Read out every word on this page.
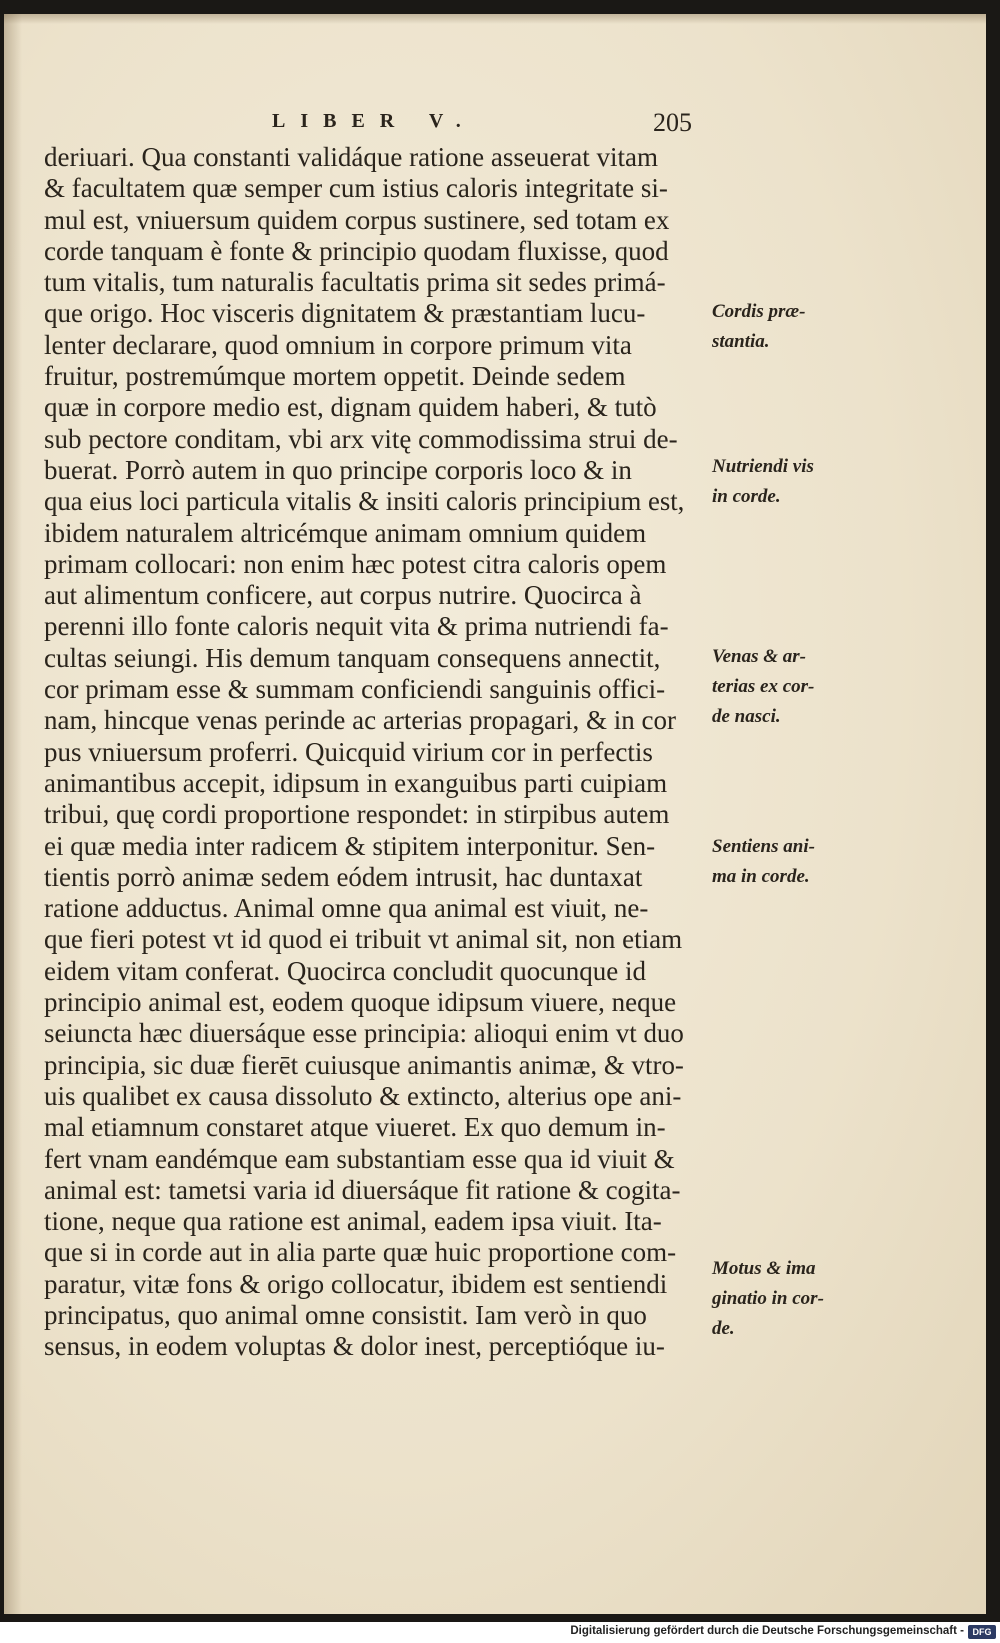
LIBER V.	205
deriuari. Qua constanti validáque ratione asseuerat vitam
& facultatem quæ semper cum istius caloris integritate si-
mul est, vniuersum quidem corpus sustinere, sed totam ex
corde tanquam è fonte & principio quodam fluxisse, quod
tum vitalis, tum naturalis facultatis prima sit sedes primá-
que origo. Hoc visceris dignitatem & præstantiam lucu-
lenter declarare, quod omnium in corpore primum vita
fruitur, postremúmque mortem oppetit. Deinde sedem
quæ in corpore medio est, dignam quidem haberi, & tutò
sub pectore conditam, vbi arx vitę commodissima strui de-
buerat. Porrò autem in quo principe corporis loco & in
qua eius loci particula vitalis & insiti caloris principium est,
ibidem naturalem altricémque animam omnium quidem
primam collocari: non enim hæc potest citra caloris opem
aut alimentum conficere, aut corpus nutrire. Quocirca à
perenni illo fonte caloris nequit vita & prima nutriendi fa-
cultas seiungi. His demum tanquam consequens annectit,
cor primam esse & summam conficiendi sanguinis offici-
nam, hincque venas perinde ac arterias propagari, & in cor
pus vniuersum proferri. Quicquid virium cor in perfectis
animantibus accepit, idipsum in exanguibus parti cuipiam
tribui, quę cordi proportione respondet: in stirpibus autem
ei quæ media inter radicem & stipitem interponitur. Sen-
tientis porrò animæ sedem eódem intrusit, hac duntaxat
ratione adductus. Animal omne qua animal est viuit, ne-
que fieri potest vt id quod ei tribuit vt animal sit, non etiam
eidem vitam conferat. Quocirca concludit quocunque id
principio animal est, eodem quoque idipsum viuere, neque
seiuncta hæc diuersáque esse principia: alioqui enim vt duo
principia, sic duæ fierēt cuiusque animantis animæ, & vtro-
uis qualibet ex causa dissoluto & extincto, alterius ope ani-
mal etiamnum constaret atque viueret. Ex quo demum in-
fert vnam eandémque eam substantiam esse qua id viuit &
animal est: tametsi varia id diuersáque fit ratione & cogita-
tione, neque qua ratione est animal, eadem ipsa viuit. Ita-
que si in corde aut in alia parte quæ huic proportione com-
paratur, vitæ fons & origo collocatur, ibidem est sentiendi
principatus, quo animal omne consistit. Iam verò in quo
sensus, in eodem voluptas & dolor inest, perceptióque iu-
Cordis præ-
stantia.
Nutriendi vis
in corde.
Venas & ar-
terias ex cor-
de nasci.
Sentiens ani-
ma in corde.
Motus & ima
ginatio in cor-
de.
Digitalisierung gefördert durch die Deutsche Forschungsgemeinschaft - DFG
